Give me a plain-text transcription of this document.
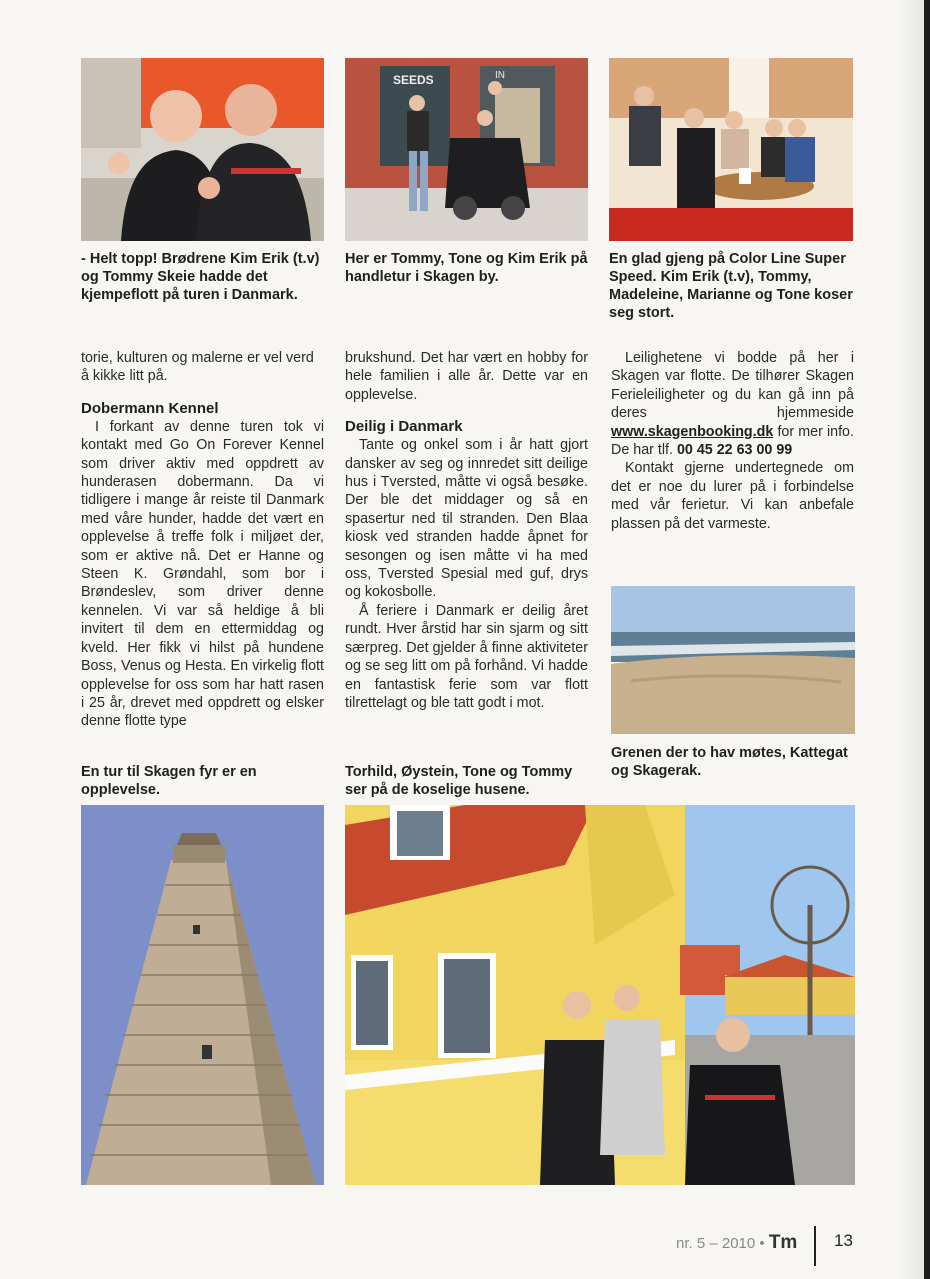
SEEDS	IN
- Helt topp! Brødrene Kim Erik (t.v) og Tommy Skeie hadde det kjempeflott på turen i Danmark.
Her er Tommy, Tone og Kim Erik på handletur i Skagen by.
En glad gjeng på Color Line Super Speed. Kim Erik (t.v), Tommy, Madeleine, Marianne og Tone koser seg stort.

torie, kulturen og malerne er vel verd å kikke litt på.

Dobermann Kennel

I forkant av denne turen tok vi kontakt med Go On Forever Kennel som driver aktiv med oppdrett av hunderasen dobermann. Da vi tidligere i mange år reiste til Danmark med våre hunder, hadde det vært en opplevelse å treffe folk i miljøet der, som er aktive nå. Det er Hanne og Steen K. Grøndahl, som bor i Brøndeslev, som driver denne kennelen. Vi var så heldige å bli invitert til dem en ettermiddag og kveld. Her fikk vi hilst på hundene Boss, Venus og Hesta. En virkelig flott opplevelse for oss som har hatt rasen i 25 år, drevet med oppdrett og elsker denne flotte type

brukshund. Det har vært en hobby for hele familien i alle år. Dette var en opplevelse.

Deilig i Danmark

Tante og onkel som i år hatt gjort dansker av seg og innredet sitt deilige hus i Tversted, måtte vi også besøke. Der ble det middager og så en spasertur ned til stranden. Den Blaa kiosk ved stranden hadde åpnet for sesongen og isen måtte vi ha med oss, Tversted Spesial med guf, drys og kokosbolle.

Å feriere i Danmark er deilig året rundt. Hver årstid har sin sjarm og sitt særpreg. Det gjelder å finne aktiviteter og se seg litt om på forhånd. Vi hadde en fantastisk ferie som var flott tilrettelagt og ble tatt godt i mot.

Leilighetene vi bodde på her i Skagen var flotte. De tilhører Skagen Ferieleiligheter og du kan gå inn på deres hjemmeside www.skagenbooking.dk for mer info. De har tlf. 00 45 22 63 00 99

Kontakt gjerne undertegnede om det er noe du lurer på i forbindelse med vår ferietur. Vi kan anbefale plassen på det varmeste.

Grenen der to hav møtes, Kattegat og Skagerak.
En tur til Skagen fyr er en opplevelse.
Torhild, Øystein, Tone og Tommy ser på de koselige husene.
nr. 5 – 2010 • Tm 13
